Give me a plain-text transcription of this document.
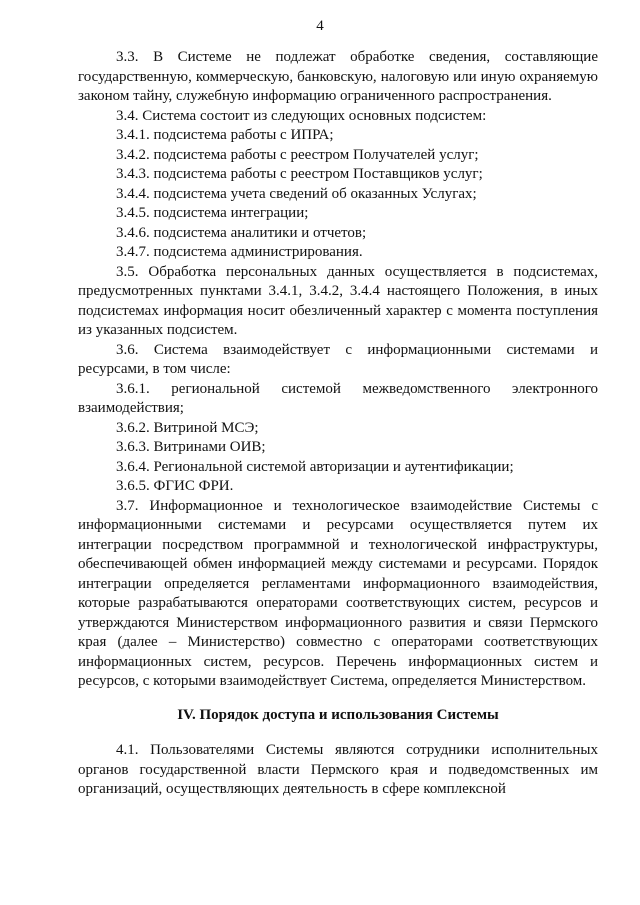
4

3.3. В Системе не подлежат обработке сведения, составляющие государственную, коммерческую, банковскую, налоговую или иную охраняемую законом тайну, служебную информацию ограниченного распространения.

3.4. Система состоит из следующих основных подсистем:

3.4.1. подсистема работы с ИПРА;

3.4.2. подсистема работы с реестром Получателей услуг;

3.4.3. подсистема работы с реестром Поставщиков услуг;

3.4.4. подсистема учета сведений об оказанных Услугах;

3.4.5. подсистема интеграции;

3.4.6. подсистема аналитики и отчетов;

3.4.7. подсистема администрирования.

3.5. Обработка персональных данных осуществляется в подсистемах, предусмотренных пунктами 3.4.1, 3.4.2, 3.4.4 настоящего Положения, в иных подсистемах информация носит обезличенный характер с момента поступления из указанных подсистем.

3.6. Система взаимодействует с информационными системами и ресурсами, в том числе:

3.6.1. региональной системой межведомственного электронного взаимодействия;

3.6.2. Витриной МСЭ;

3.6.3. Витринами ОИВ;

3.6.4. Региональной системой авторизации и аутентификации;

3.6.5. ФГИС ФРИ.

3.7. Информационное и технологическое взаимодействие Системы с информационными системами и ресурсами осуществляется путем их интеграции посредством программной и технологической инфраструктуры, обеспечивающей обмен информацией между системами и ресурсами. Порядок интеграции определяется регламентами информационного взаимодействия, которые разрабатываются операторами соответствующих систем, ресурсов и утверждаются Министерством информационного развития и связи Пермского края (далее – Министерство) совместно с операторами соответствующих информационных систем, ресурсов. Перечень информационных систем и ресурсов, с которыми взаимодействует Система, определяется Министерством.

IV. Порядок доступа и использования Системы

4.1. Пользователями Системы являются сотрудники исполнительных органов государственной власти Пермского края и подведомственных им организаций, осуществляющих деятельность в сфере комплексной
